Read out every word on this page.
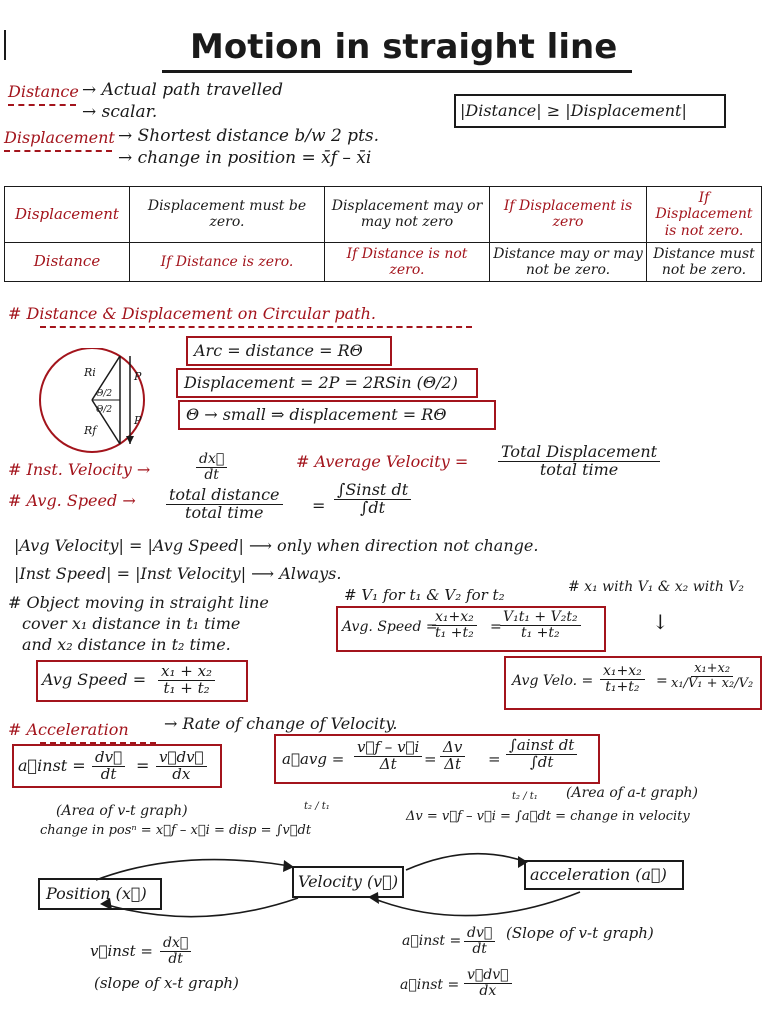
Motion in straight line
Distance → Actual path travelled
→ scalar.
Displacement → Shortest distance b/w 2 pts.
→ change in position = x̄f – x̄i
|Distance| ≥ |Displacement|
Displacement	Displacement must be zero.	Displacement may or may not zero	If Displacement is zero	If Displacement is not zero.
Distance	If Distance is zero.	If Distance is not zero.	Distance may or may not be zero.	Distance must not be zero.
# Distance & Displacement on Circular path.
Ri
Rf
P
P
Θ/2
Θ/2
Arc = distance = RΘ
Displacement = 2P = 2RSin (Θ/2)
Θ → small ⇒ displacement = RΘ
# Inst. Velocity →	$\frac{dx⃗}{dt}$	# Average Velocity =
Total Displacement
total time
# Avg. Speed → total distance
total time	=
∫Sinst dt
∫dt
|Avg Velocity| = |Avg Speed| ⟶ only when direction not change.
|Inst Speed| = |Inst Velocity| ⟶ Always.
# Object moving in straight line
cover x₁ distance in t₁ time
and x₂ distance in t₂ time.
# V₁ for t₁ & V₂ for t₂	# x₁ with V₁ & x₂ with V₂
↓
Avg Speed = $\frac{\text{x₁ + x₂}}{\text{t₁ + t₂}}$
Avg. Speed =
$\frac{\text{x₁+x₂}}{\text{t₁ +t₂}}$ =
$\frac{\text{V₁t₁ + V₂t₂}}{\text{t₁ +t₂}}$
Avg Velo. = $\frac{\text{x₁+x₂}}{\text{t₁+t₂}} = \frac{\text{x₁+x₂}}{\text{x₁/V₁ + x₂/V₂}}$
# Acceleration → Rate of change of Velocity.
a⃗inst = $\frac{dv⃗}{dt} = \frac{v⃗dv⃗}{dx}$	a⃗avg = $\frac{v⃗f - v⃗i}{\Delta t} = \frac{\Delta v}{\Delta t}$ =
∫ainst dt
∫dt
(Area of v-t graph)
change in posⁿ = x⃗f – x⃗i = disp = ∫v⃗dt
t₂ / t₁
(Area of a-t graph)
Δv = v⃗f – v⃗i = ∫a⃗dt = change in velocity
t₂ / t₁
Position (x⃗)
Velocity (v⃗)	acceleration (a⃗)
v⃗inst = $\frac{dx⃗}{dt}$
(slope of x-t graph)
a⃗inst = $\frac{dv⃗}{dt}$ (Slope of v-t graph)
a⃗inst = $\frac{v⃗dv⃗}{dx}$
